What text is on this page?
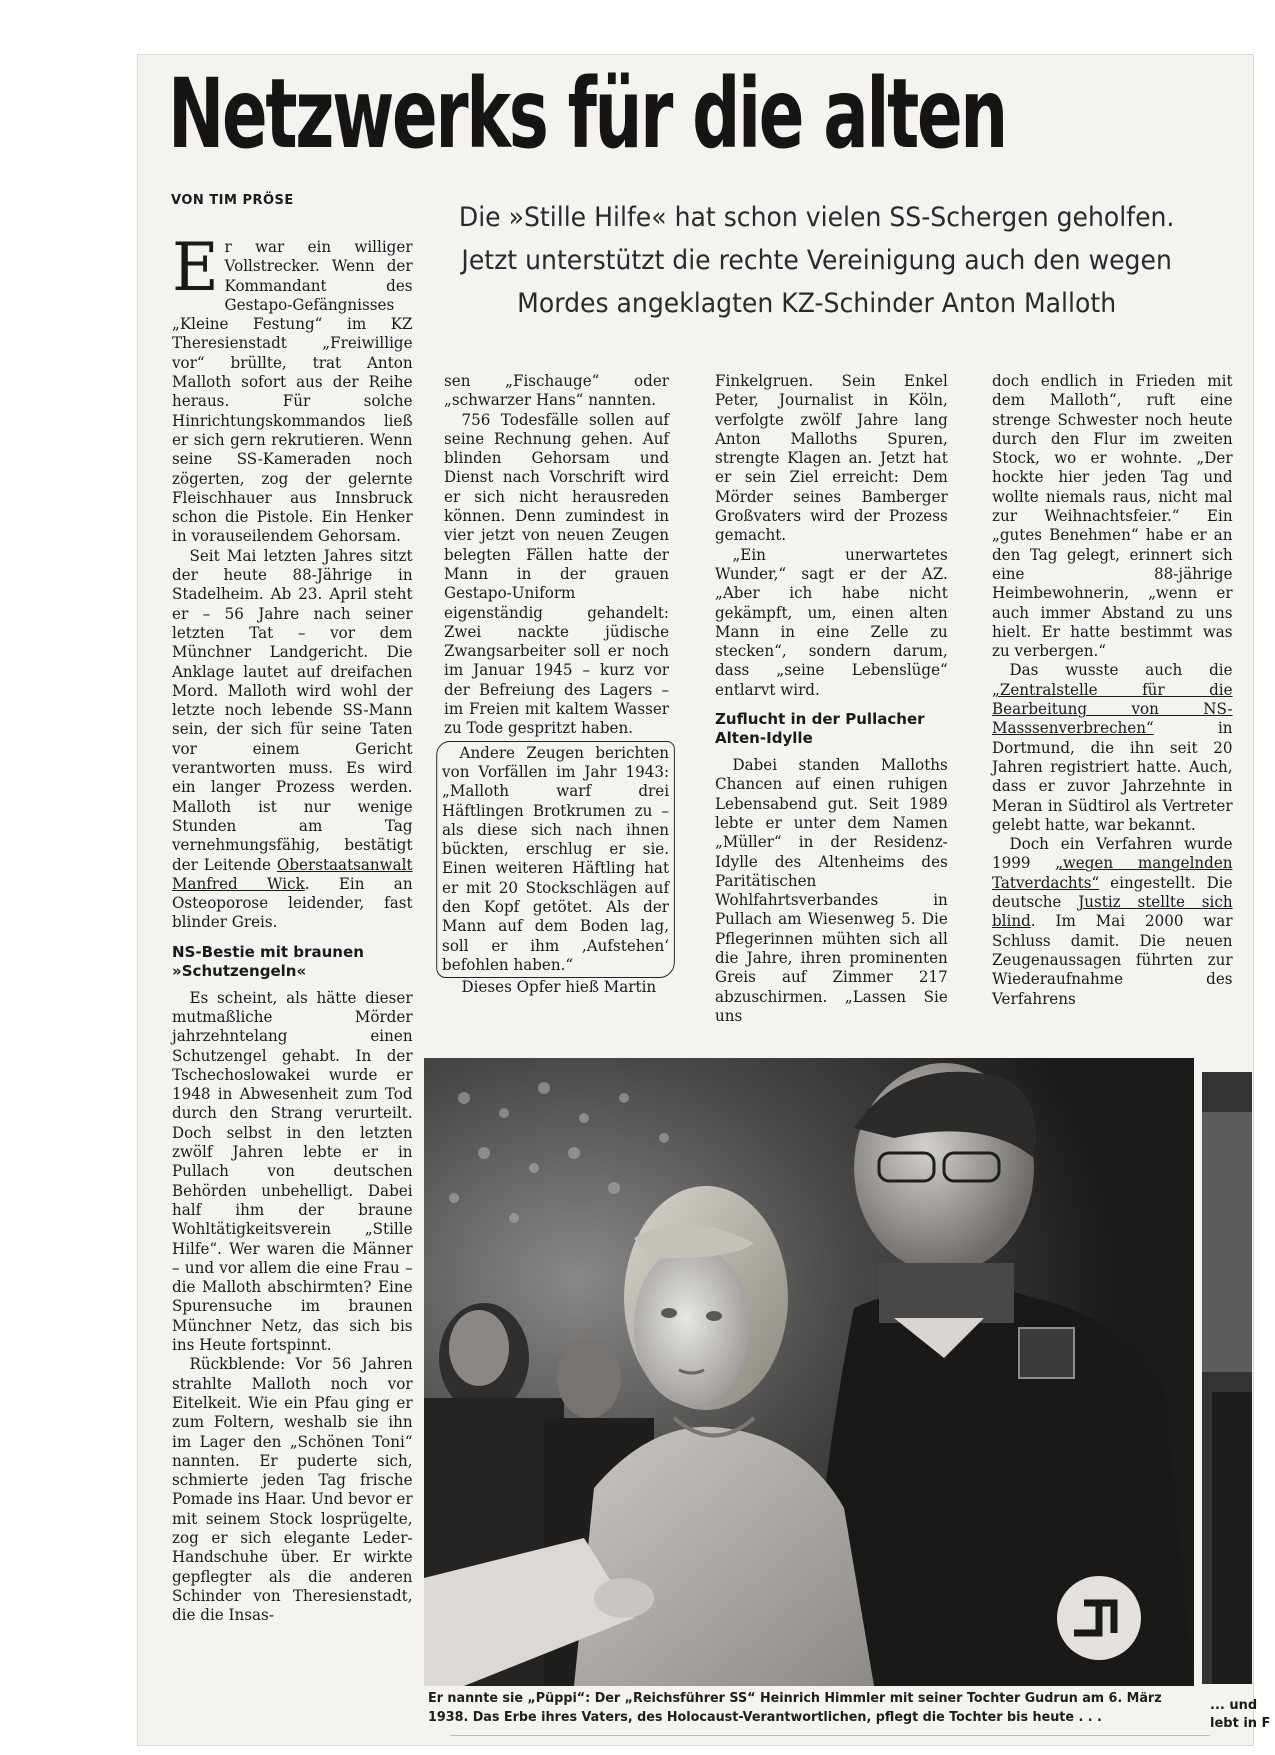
Netzwerks für die alten
VON TIM PRÖSE
Die »Stille Hilfe« hat schon vielen SS-Schergen geholfen.
Jetzt unterstützt die rechte Vereinigung auch den wegen
Mordes angeklagten KZ-Schinder Anton Malloth

Er war ein williger Vollstrecker. Wenn der Kommandant des Gestapo-Gefängnisses „Kleine Festung“ im KZ Theresienstadt „Freiwillige vor“ brüllte, trat Anton Malloth sofort aus der Reihe heraus. Für solche Hinrichtungskommandos ließ er sich gern rekrutieren. Wenn seine SS-Kameraden noch zögerten, zog der gelernte Fleischhauer aus Innsbruck schon die Pistole. Ein Henker in vorauseilendem Gehorsam.

Seit Mai letzten Jahres sitzt der heute 88-Jährige in Stadelheim. Ab 23. April steht er – 56 Jahre nach seiner letzten Tat – vor dem Münchner Landgericht. Die Anklage lautet auf dreifachen Mord. Malloth wird wohl der letzte noch lebende SS-Mann sein, der sich für seine Taten vor einem Gericht verantworten muss. Es wird ein langer Prozess werden. Malloth ist nur wenige Stunden am Tag vernehmungsfähig, bestätigt der Leitende Oberstaatsanwalt Manfred Wick. Ein an Osteoporose leidender, fast blinder Greis.

NS-Bestie mit braunen »Schutzengeln«

Es scheint, als hätte dieser mutmaßliche Mörder jahrzehntelang einen Schutzengel gehabt. In der Tschechoslowakei wurde er 1948 in Abwesenheit zum Tod durch den Strang verurteilt. Doch selbst in den letzten zwölf Jahren lebte er in Pullach von deutschen Behörden unbehelligt. Dabei half ihm der braune Wohltätigkeitsverein „Stille Hilfe“. Wer waren die Männer – und vor allem die eine Frau – die Malloth abschirmten? Eine Spurensuche im braunen Münchner Netz, das sich bis ins Heute fortspinnt.

Rückblende: Vor 56 Jahren strahlte Malloth noch vor Eitelkeit. Wie ein Pfau ging er zum Foltern, weshalb sie ihn im Lager den „Schönen Toni“ nannten. Er puderte sich, schmierte jeden Tag frische Pomade ins Haar. Und bevor er mit seinem Stock losprügelte, zog er sich elegante Leder-Handschuhe über. Er wirkte gepflegter als die anderen Schinder von Theresienstadt, die die Insas-

sen „Fischauge“ oder „schwarzer Hans“ nannten.

756 Todesfälle sollen auf seine Rechnung gehen. Auf blinden Gehorsam und Dienst nach Vorschrift wird er sich nicht herausreden können. Denn zumindest in vier jetzt von neuen Zeugen belegten Fällen hatte der Mann in der grauen Gestapo-Uniform eigenständig gehandelt: Zwei nackte jüdische Zwangsarbeiter soll er noch im Januar 1945 – kurz vor der Befreiung des Lagers – im Freien mit kaltem Wasser zu Tode gespritzt haben.

Andere Zeugen berichten von Vorfällen im Jahr 1943: „Malloth warf drei Häftlingen Brotkrumen zu – als diese sich nach ihnen bückten, erschlug er sie. Einen weiteren Häftling hat er mit 20 Stockschlägen auf den Kopf getötet. Als der Mann auf dem Boden lag, soll er ihm ‚Aufstehen‘ befohlen haben.“

Dieses Opfer hieß Martin

Finkelgruen. Sein Enkel Peter, Journalist in Köln, verfolgte zwölf Jahre lang Anton Malloths Spuren, strengte Klagen an. Jetzt hat er sein Ziel erreicht: Dem Mörder seines Bamberger Großvaters wird der Prozess gemacht.

„Ein unerwartetes Wunder,“ sagt er der AZ. „Aber ich habe nicht gekämpft, um, einen alten Mann in eine Zelle zu stecken“, sondern darum, dass „seine Lebenslüge“ entlarvt wird.

Zuflucht in der Pullacher Alten-Idylle

Dabei standen Malloths Chancen auf einen ruhigen Lebensabend gut. Seit 1989 lebte er unter dem Namen „Müller“ in der Residenz-Idylle des Altenheims des Paritätischen Wohlfahrtsverbandes in Pullach am Wiesenweg 5. Die Pflegerinnen mühten sich all die Jahre, ihren prominenten Greis auf Zimmer 217 abzuschirmen. „Lassen Sie uns

doch endlich in Frieden mit dem Malloth“, ruft eine strenge Schwester noch heute durch den Flur im zweiten Stock, wo er wohnte. „Der hockte hier jeden Tag und wollte niemals raus, nicht mal zur Weihnachtsfeier.“ Ein „gutes Benehmen“ habe er an den Tag gelegt, erinnert sich eine 88-jährige Heimbewohnerin, „wenn er auch immer Abstand zu uns hielt. Er hatte bestimmt was zu verbergen.“

Das wusste auch die „Zentralstelle für die Bearbeitung von NS-Masssenverbrechen“ in Dortmund, die ihn seit 20 Jahren registriert hatte. Auch, dass er zuvor Jahrzehnte in Meran in Südtirol als Vertreter gelebt hatte, war bekannt.

Doch ein Verfahren wurde 1999 „wegen mangelnden Tatverdachts“ eingestellt. Die deutsche Justiz stellte sich blind. Im Mai 2000 war Schluss damit. Die neuen Zeugenaussagen führten zur Wiederaufnahme des Verfahrens

Er nannte sie „Püppi“: Der „Reichsführer SS“ Heinrich Himmler mit seiner Tochter Gudrun am 6. März 1938. Das Erbe ihres Vaters, des Holocaust-Verantwortlichen, pflegt die Tochter bis heute . . .
... und
lebt in F
